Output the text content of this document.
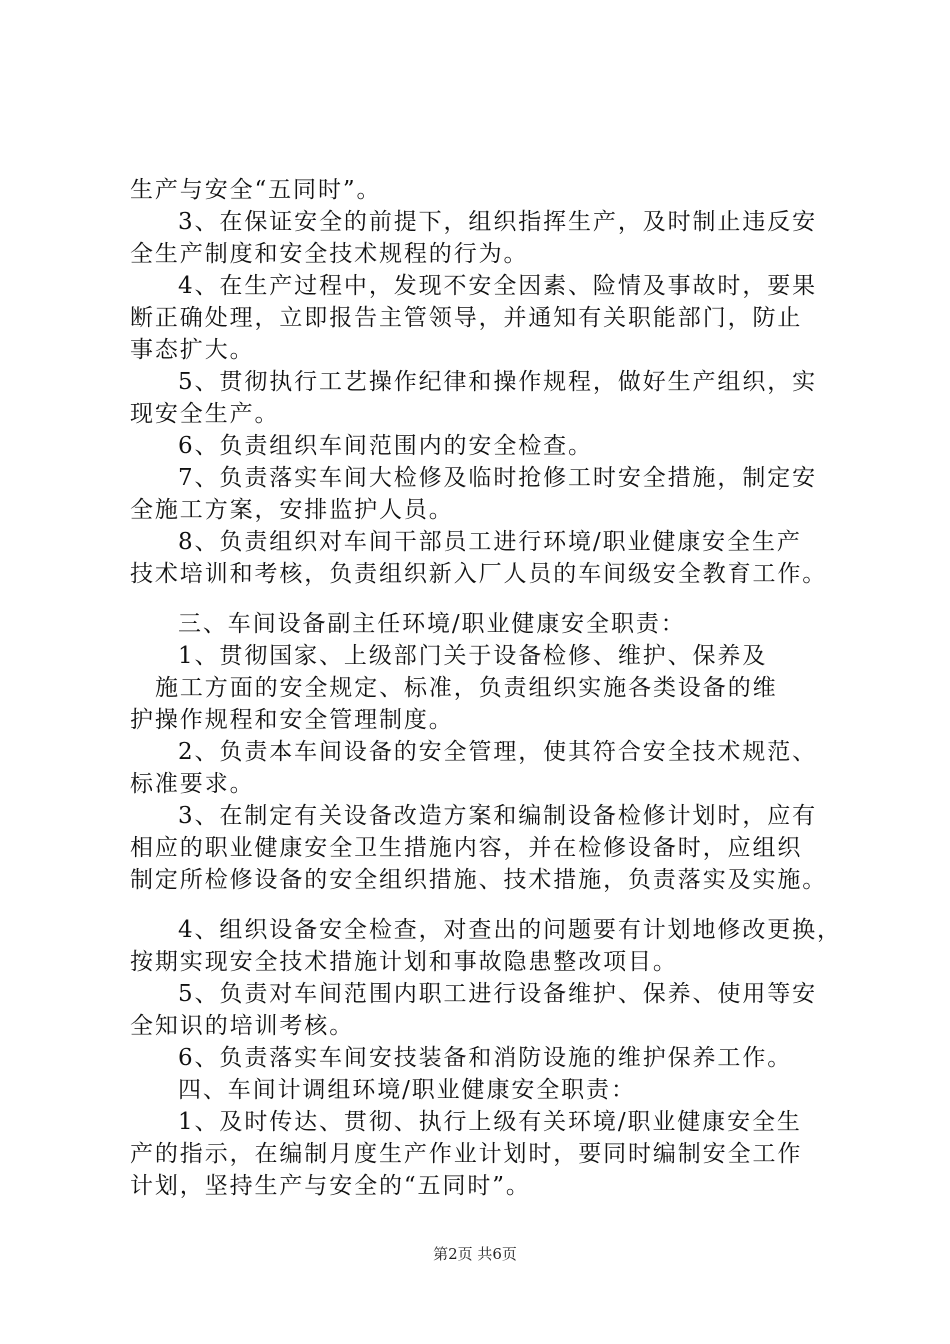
生产与安全“五同时”。
3、在保证安全的前提下，组织指挥生产，及时制止违反安
全生产制度和安全技术规程的行为。
4、在生产过程中，发现不安全因素、险情及事故时，要果
断正确处理，立即报告主管领导，并通知有关职能部门，防止
事态扩大。
5、贯彻执行工艺操作纪律和操作规程，做好生产组织，实
现安全生产。
6、负责组织车间范围内的安全检查。
7、负责落实车间大检修及临时抢修工时安全措施，制定安
全施工方案，安排监护人员。
8、负责组织对车间干部员工进行环境/职业健康安全生产
技术培训和考核，负责组织新入厂人员的车间级安全教育工作。
三、车间设备副主任环境/职业健康安全职责：
1、贯彻国家、上级部门关于设备检修、维护、保养及
施工方面的安全规定、标准，负责组织实施各类设备的维
护操作规程和安全管理制度。
2、负责本车间设备的安全管理，使其符合安全技术规范、
标准要求。
3、在制定有关设备改造方案和编制设备检修计划时，应有
相应的职业健康安全卫生措施内容，并在检修设备时，应组织
制定所检修设备的安全组织措施、技术措施，负责落实及实施。
4、组织设备安全检查，对查出的问题要有计划地修改更换，
按期实现安全技术措施计划和事故隐患整改项目。
5、负责对车间范围内职工进行设备维护、保养、使用等安
全知识的培训考核。
6、负责落实车间安技装备和消防设施的维护保养工作。
四、车间计调组环境/职业健康安全职责：
1、及时传达、贯彻、执行上级有关环境/职业健康安全生
产的指示，在编制月度生产作业计划时，要同时编制安全工作
计划，坚持生产与安全的“五同时”。
第2页 共6页
